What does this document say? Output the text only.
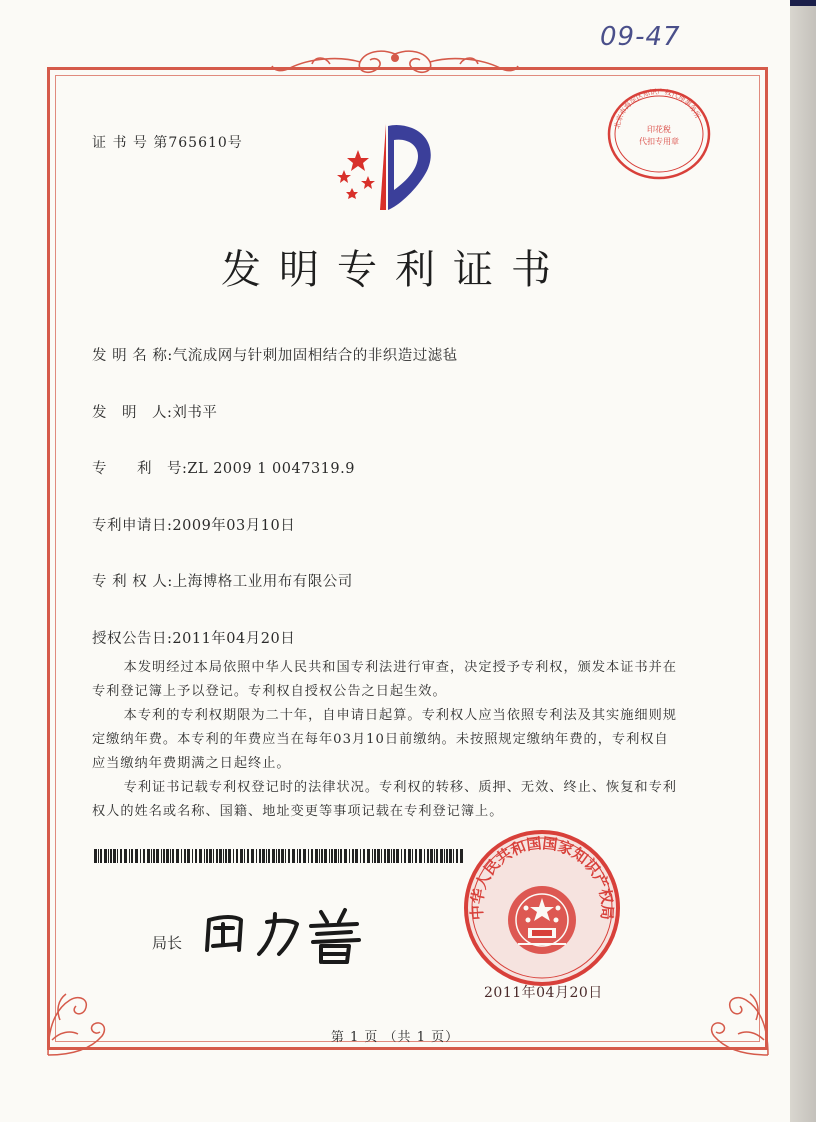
09-47
北京市海淀区知识产权代理事务所
印花税
代扣专用章
证 书 号 第765610号
发明专利证书
发 明 名 称:气流成网与针刺加固相结合的非织造过滤毡
发　明　人:刘书平
专　　利　号:ZL 2009 1 0047319.9
专利申请日:2009年03月10日
专 利 权 人:上海博格工业用布有限公司
授权公告日:2011年04月20日

本发明经过本局依照中华人民共和国专利法进行审查，决定授予专利权，颁发本证书并在专利登记簿上予以登记。专利权自授权公告之日起生效。

本专利的专利权期限为二十年，自申请日起算。专利权人应当依照专利法及其实施细则规定缴纳年费。本专利的年费应当在每年03月10日前缴纳。未按照规定缴纳年费的，专利权自应当缴纳年费期满之日起终止。

专利证书记载专利权登记时的法律状况。专利权的转移、质押、无效、终止、恢复和专利权人的姓名或名称、国籍、地址变更等事项记载在专利登记簿上。

局长
中华人民共和国国家知识产权局
2011年04月20日
第 1 页 （共 1 页）
